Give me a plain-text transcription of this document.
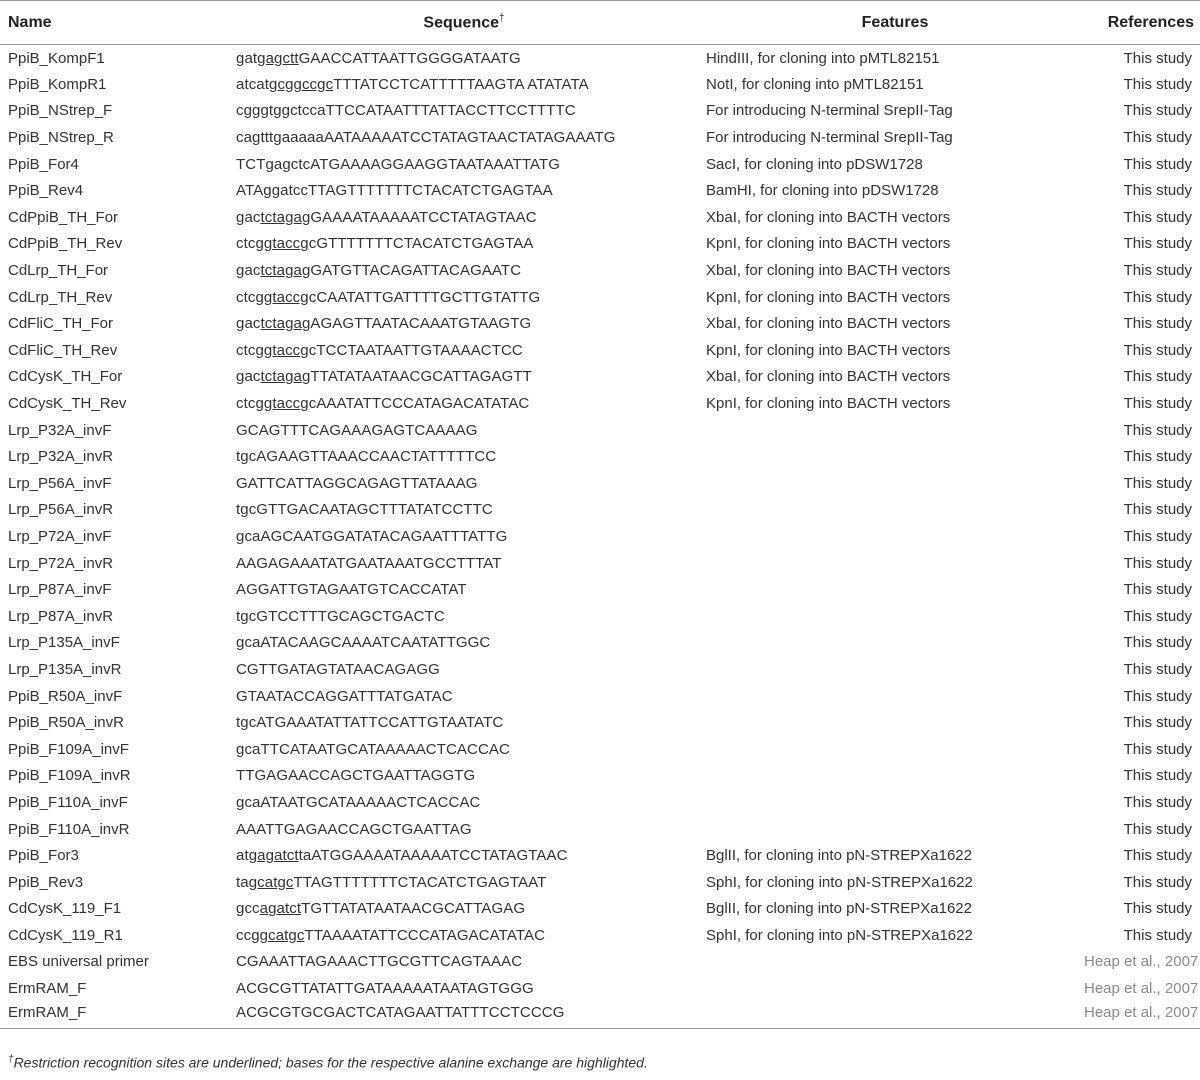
Name	Sequence†	Features	References
PpiB_KompF1	gatgagcttGAACCATTAATTGGGGATAATG	HindIII, for cloning into pMTL82151	This study
PpiB_KompR1	atcatgcggccgcTTTATCCTCATTTTTAAGTA ATATATA	NotI, for cloning into pMTL82151	This study
PpiB_NStrep_F	cgggtggctccaTTCCATAATTTATTACCTTCCTTTTC	For introducing N-terminal SrepII-Tag	This study
PpiB_NStrep_R	cagtttgaaaaaAATAAAAATCCTATAGTAACTATAGAAATG	For introducing N-terminal SrepII-Tag	This study
PpiB_For4	TCTgagctcATGAAAAGGAAGGTAATAAATTATG	SacI, for cloning into pDSW1728	This study
PpiB_Rev4	ATAggatccTTAGTTTTTTTCTACATCTGAGTAA	BamHI, for cloning into pDSW1728	This study
CdPpiB_TH_For	gactctagagGAAAATAAAAATCCTATAGTAAC	XbaI, for cloning into BACTH vectors	This study
CdPpiB_TH_Rev	ctcggtaccgcGTTTTTTTCTACATCTGAGTAA	KpnI, for cloning into BACTH vectors	This study
CdLrp_TH_For	gactctagagGATGTTACAGATTACAGAATC	XbaI, for cloning into BACTH vectors	This study
CdLrp_TH_Rev	ctcggtaccgcCAATATTGATTTTGCTTGTATTG	KpnI, for cloning into BACTH vectors	This study
CdFliC_TH_For	gactctagagAGAGTTAATACAAATGTAAGTG	XbaI, for cloning into BACTH vectors	This study
CdFliC_TH_Rev	ctcggtaccgcTCCTAATAATTGTAAAACTCC	KpnI, for cloning into BACTH vectors	This study
CdCysK_TH_For	gactctagagTTATATAATAACGCATTAGAGTT	XbaI, for cloning into BACTH vectors	This study
CdCysK_TH_Rev	ctcggtaccgcAAATATTCCCATAGACATATAC	KpnI, for cloning into BACTH vectors	This study
Lrp_P32A_invF	GCAGTTTCAGAAAGAGTCAAAAG		This study
Lrp_P32A_invR	tgcAGAAGTTAAACCAACTATTTTTCC		This study
Lrp_P56A_invF	GATTCATTAGGCAGAGTTATAAAG		This study
Lrp_P56A_invR	tgcGTTGACAATAGCTTTATATCCTTC		This study
Lrp_P72A_invF	gcaAGCAATGGATATACAGAATTTATTG		This study
Lrp_P72A_invR	AAGAGAAATATGAATAAATGCCTTTAT		This study
Lrp_P87A_invF	AGGATTGTAGAATGTCACCATAT		This study
Lrp_P87A_invR	tgcGTCCTTTGCAGCTGACTC		This study
Lrp_P135A_invF	gcaATACAAGCAAAATCAATATTGGC		This study
Lrp_P135A_invR	CGTTGATAGTATAACAGAGG		This study
PpiB_R50A_invF	GTAATACCAGGATTTATGATAC		This study
PpiB_R50A_invR	tgcATGAAATATTATTCCATTGTAATATC		This study
PpiB_F109A_invF	gcaTTCATAATGCATAAAAACTCACCAC		This study
PpiB_F109A_invR	TTGAGAACCAGCTGAATTAGGTG		This study
PpiB_F110A_invF	gcaATAATGCATAAAAACTCACCAC		This study
PpiB_F110A_invR	AAATTGAGAACCAGCTGAATTAG		This study
PpiB_For3	atgagatcttaATGGAAAATAAAAATCCTATAGTAAC	BglII, for cloning into pN-STREPXa1622	This study
PpiB_Rev3	tagcatgcTTAGTTTTTTTCTACATCTGAGTAAT	SphI, for cloning into pN-STREPXa1622	This study
CdCysK_119_F1	gccagatctTGTTATATAATAACGCATTAGAG	BglII, for cloning into pN-STREPXa1622	This study
CdCysK_119_R1	ccggcatgcTTAAAATATTCCCATAGACATATAC	SphI, for cloning into pN-STREPXa1622	This study
EBS universal primer	CGAAATTAGAAACTTGCGTTCAGTAAAC		Heap et al., 2007
ErmRAM_F	ACGCGTTATATTGATAAAAATAATAGTGGG		Heap et al., 2007
ErmRAM_F	ACGCGTGCGACTCATAGAATTATTTCCTCCCG		Heap et al., 2007
†Restriction recognition sites are underlined; bases for the respective alanine exchange are highlighted.
